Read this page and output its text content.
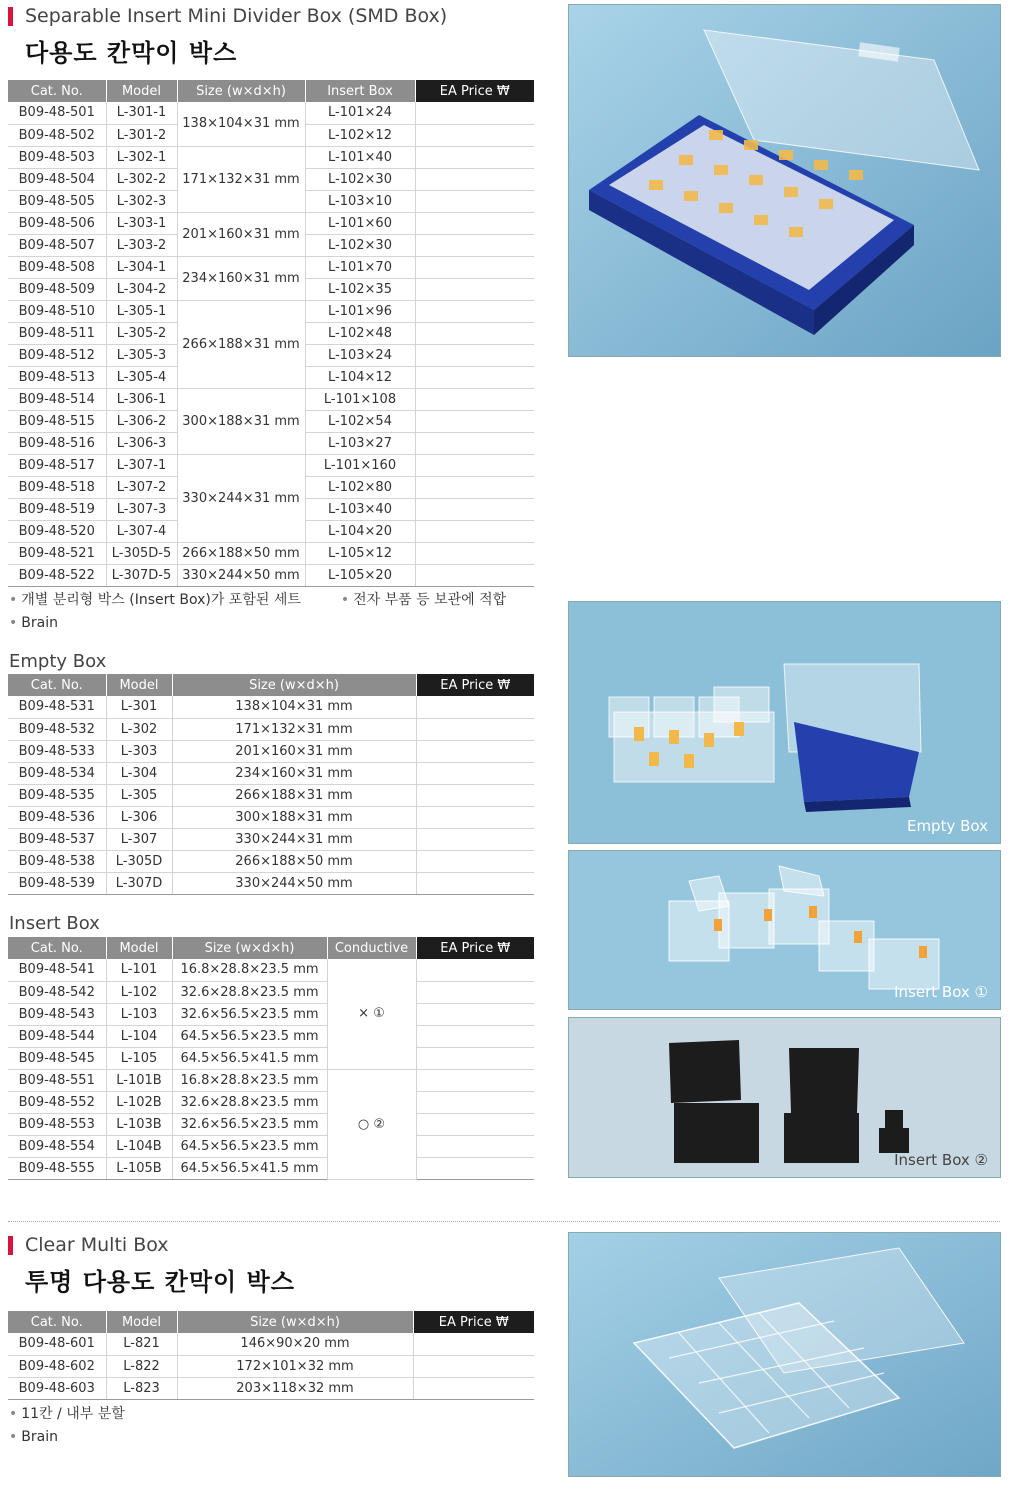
Separable Insert Mini Divider Box (SMD Box)
다용도 칸막이 박스
Cat. No.	Model	Size (w×d×h)	Insert Box	EA Price ₩
B09-48-501	L-301-1	138×104×31 mm	L-101×24	
B09-48-502	L-301-2		L-102×12	
B09-48-503	L-302-1	171×132×31 mm	L-101×40	
B09-48-504	L-302-2		L-102×30	
B09-48-505	L-302-3		L-103×10	
B09-48-506	L-303-1	201×160×31 mm	L-101×60	
B09-48-507	L-303-2		L-102×30	
B09-48-508	L-304-1	234×160×31 mm	L-101×70	
B09-48-509	L-304-2		L-102×35	
B09-48-510	L-305-1	266×188×31 mm	L-101×96	
B09-48-511	L-305-2		L-102×48	
B09-48-512	L-305-3		L-103×24	
B09-48-513	L-305-4		L-104×12	
B09-48-514	L-306-1	300×188×31 mm	L-101×108	
B09-48-515	L-306-2		L-102×54	
B09-48-516	L-306-3		L-103×27	
B09-48-517	L-307-1	330×244×31 mm	L-101×160	
B09-48-518	L-307-2		L-102×80	
B09-48-519	L-307-3		L-103×40	
B09-48-520	L-307-4		L-104×20	
B09-48-521	L-305D-5	266×188×50 mm	L-105×12	
B09-48-522	L-307D-5	330×244×50 mm	L-105×20	
• 개별 분리형 박스 (Insert Box)가 포함된 세트	• 전자 부품 등 보관에 적합
• Brain
Empty Box
Cat. No.	Model	Size (w×d×h)	EA Price ₩
B09-48-531	L-301	138×104×31 mm	
B09-48-532	L-302	171×132×31 mm	
B09-48-533	L-303	201×160×31 mm	
B09-48-534	L-304	234×160×31 mm	
B09-48-535	L-305	266×188×31 mm	
B09-48-536	L-306	300×188×31 mm	
B09-48-537	L-307	330×244×31 mm	
B09-48-538	L-305D	266×188×50 mm	
B09-48-539	L-307D	330×244×50 mm	
Insert Box
Cat. No.	Model	Size (w×d×h)	Conductive	EA Price ₩
B09-48-541	L-101	16.8×28.8×23.5 mm	× ①	
B09-48-542	L-102	32.6×28.8×23.5 mm		
B09-48-543	L-103	32.6×56.5×23.5 mm		
B09-48-544	L-104	64.5×56.5×23.5 mm		
B09-48-545	L-105	64.5×56.5×41.5 mm		
B09-48-551	L-101B	16.8×28.8×23.5 mm	○ ②	
B09-48-552	L-102B	32.6×28.8×23.5 mm		
B09-48-553	L-103B	32.6×56.5×23.5 mm		
B09-48-554	L-104B	64.5×56.5×23.5 mm		
B09-48-555	L-105B	64.5×56.5×41.5 mm		
Clear Multi Box
투명 다용도 칸막이 박스
Cat. No.	Model	Size (w×d×h)	EA Price ₩
B09-48-601	L-821	146×90×20 mm	
B09-48-602	L-822	172×101×32 mm	
B09-48-603	L-823	203×118×32 mm	
• 11칸 / 내부 분할
• Brain
Empty Box
Insert Box ①
Insert Box ②
